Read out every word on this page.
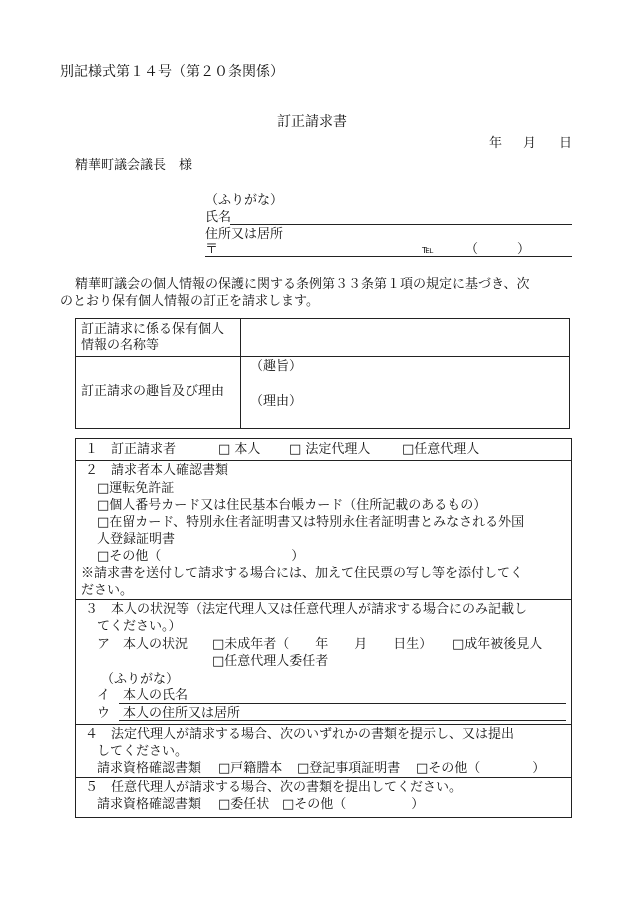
別記様式第１４号（第２０条関係）
訂正請求書
年 月 日
精華町議会議長　様
（ふりがな）
氏名
住所又は居所
〒	℡ （　　　）
精華町議会の個人情報の保護に関する条例第３３条第１項の規定に基づき、次
のとおり保有個人情報の訂正を請求します。
訂正請求に係る保有個人
情報の名称等
訂正請求の趣旨及び理由
（趣旨）
（理由）
１　訂正請求者	□ 本人 □ 法定代理人 □任意代理人
２　請求者本人確認書類
□運転免許証
□個人番号カード又は住民基本台帳カード（住所記載のあるもの）
□在留カード、特別永住者証明書又は特別永住者証明書とみなされる外国
人登録証明書
□その他（　　　　　　　　　　）
※請求書を送付して請求する場合には、加えて住民票の写し等を添付してく
ださい。
３　本人の状況等（法定代理人又は任意代理人が請求する場合にのみ記載し
てください。）
ア　本人の状況 □未成年者（　　年　　月　　日生） □成年被後見人
□任意代理人委任者
（ふりがな）
イ　本人の氏名
ウ　本人の住所又は居所
４　法定代理人が請求する場合、次のいずれかの書類を提示し、又は提出
してください。
請求資格確認書類 □戸籍謄本 □登記事項証明書 □その他（　　　　）
５　任意代理人が請求する場合、次の書類を提出してください。
請求資格確認書類 □委任状 □その他（　　　　　）
